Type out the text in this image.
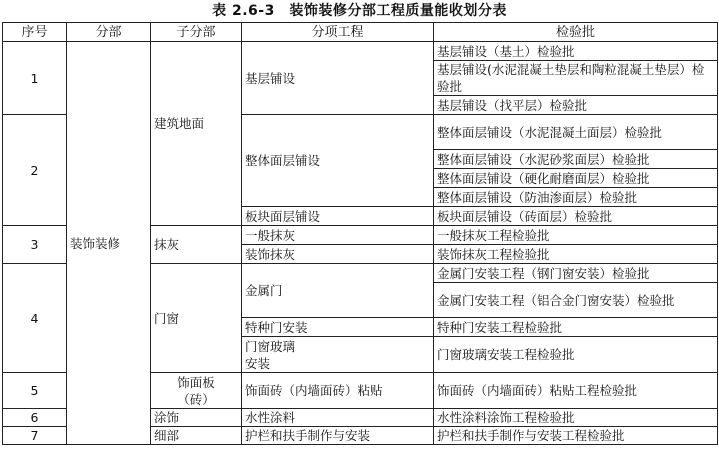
表 2.6-3　装饰装修分部工程质量能收划分表
序号	分部	子分部	分项工程	检验批
1	装饰装修	建筑地面	基层铺设	基层铺设（基土）检验批
				基层铺设(水泥混凝土垫层和陶粒混凝土垫层）检验批

				基层铺设（找平层）检验批
2			整体面层铺设	整体面层铺设（水泥混凝土面层）检验批
				整体面层铺设（水泥砂浆面层）检验批
				整体面层铺设（硬化耐磨面层）检验批
				整体面层铺设（防油渗面层）检验批
			板块面层铺设	板块面层铺设（砖面层）检验批
3		抹灰	一般抹灰	一般抹灰工程检验批
			装饰抹灰	装饰抹灰工程检验批
4		门窗	金属门	金属门安装工程（钢门窗安装）检验批
				金属门安装工程（铝合金门窗安装）检验批
			特种门安装	特种门安装工程检验批
			门窗玻璃安装	门窗玻璃安装工程检验批
5		饰面板（砖）	饰面砖（内墙面砖）粘贴	饰面砖（内墙面砖）粘贴工程检验批
6		涂饰	水性涂料	水性涂料涂饰工程检验批
7		细部	护栏和扶手制作与安装	护栏和扶手制作与安装工程检验批
